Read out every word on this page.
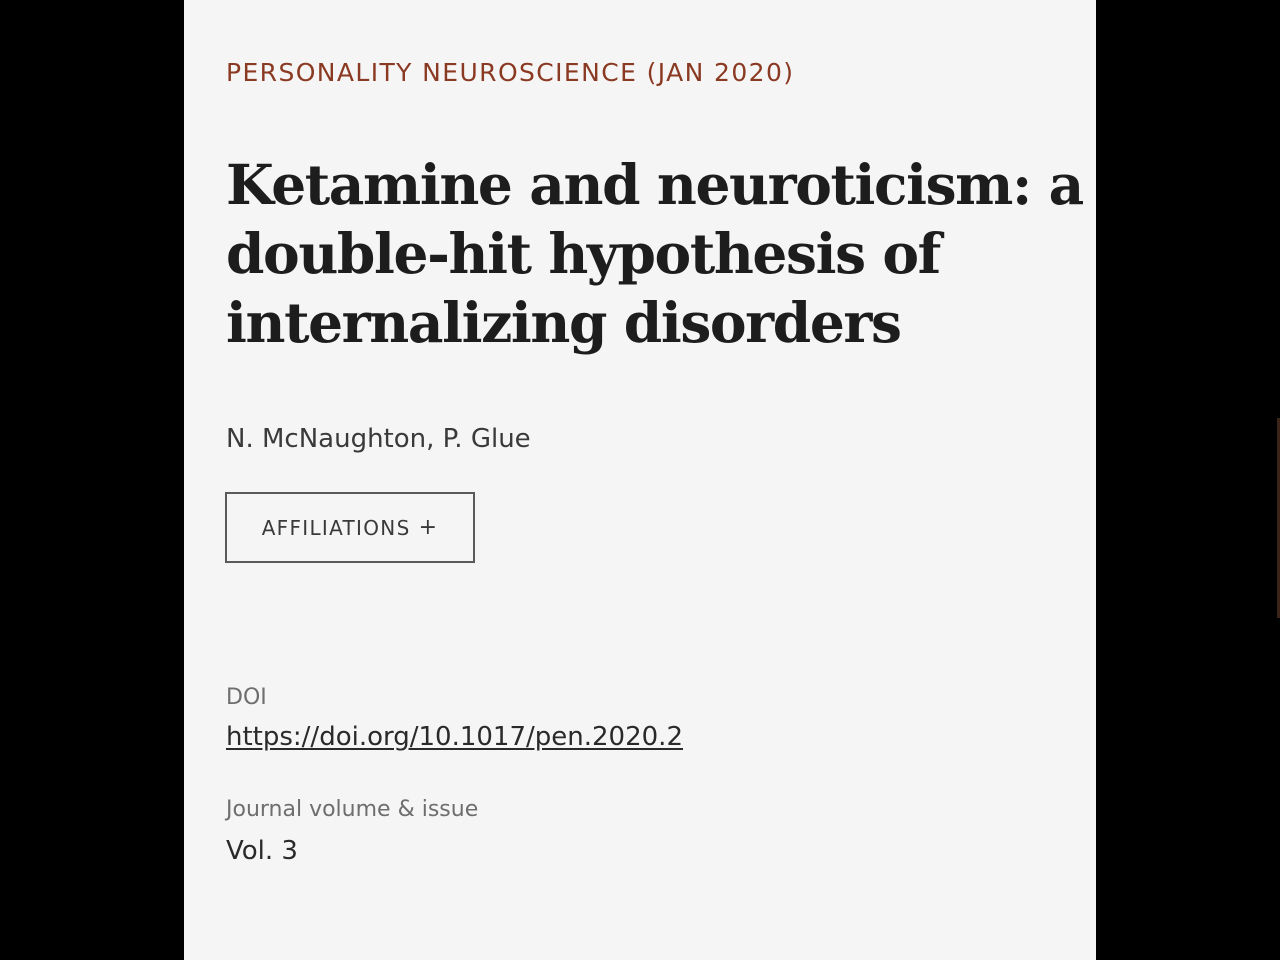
PERSONALITY NEUROSCIENCE (JAN 2020)
Ketamine and neuroticism: a double-hit hypothesis of internalizing disorders
N. McNaughton, P. Glue
AFFILIATIONS +
DOI
https://doi.org/10.1017/pen.2020.2
Journal volume & issue
Vol. 3
